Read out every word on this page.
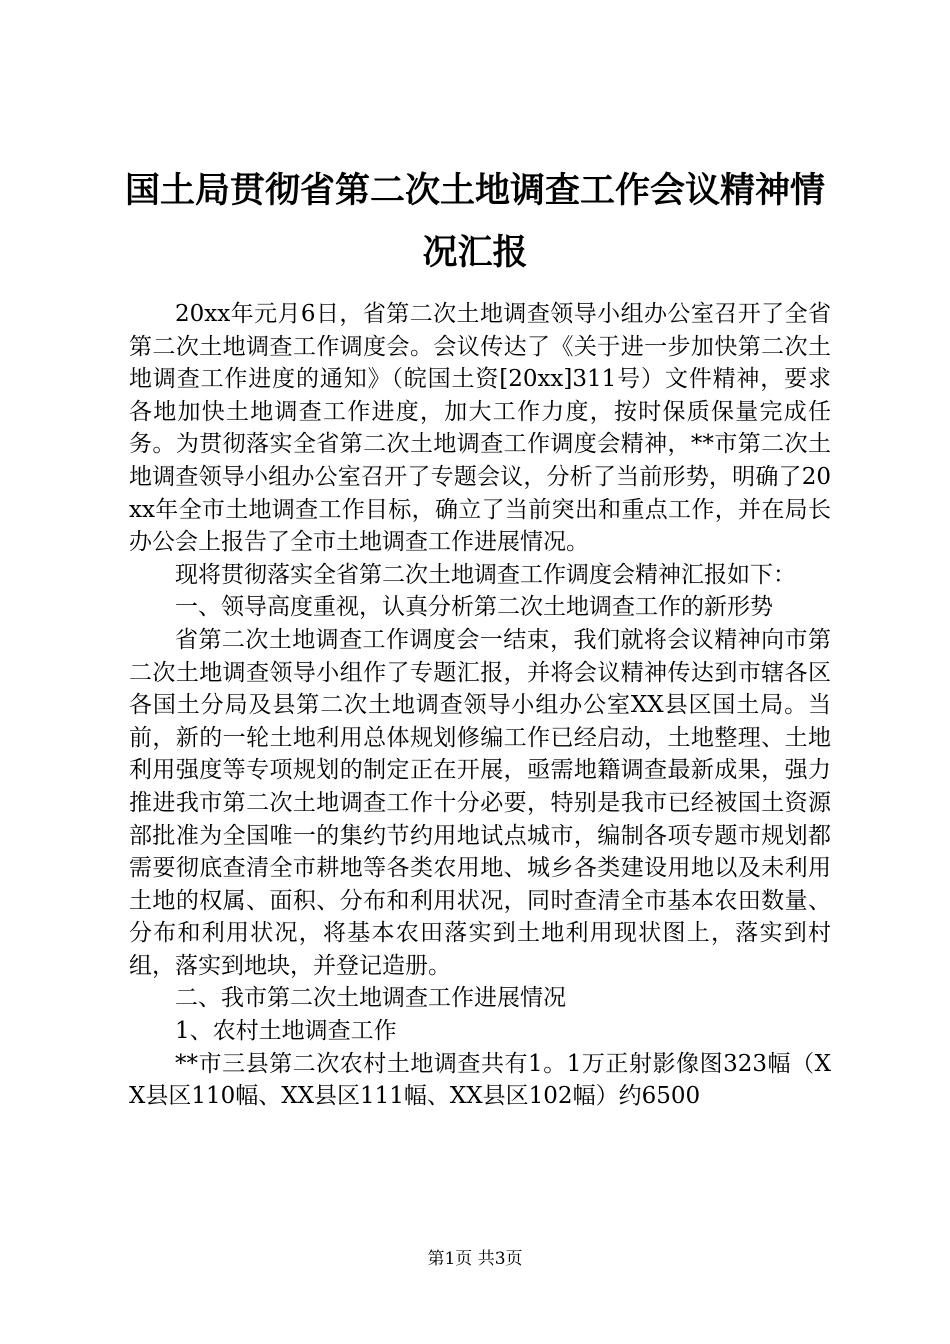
国土局贯彻省第二次土地调查工作会议精神情况汇报

20xx年元月6日，省第二次土地调查领导小组办公室召开了全省第二次土地调查工作调度会。会议传达了《关于进一步加快第二次土地调查工作进度的通知》（皖国土资[20xx]311号）文件精神，要求各地加快土地调查工作进度，加大工作力度，按时保质保量完成任务。为贯彻落实全省第二次土地调查工作调度会精神，**市第二次土地调查领导小组办公室召开了专题会议，分析了当前形势，明确了20xx年全市土地调查工作目标，确立了当前突出和重点工作，并在局长办公会上报告了全市土地调查工作进展情况。

现将贯彻落实全省第二次土地调查工作调度会精神汇报如下：

一、领导高度重视，认真分析第二次土地调查工作的新形势

省第二次土地调查工作调度会一结束，我们就将会议精神向市第二次土地调查领导小组作了专题汇报，并将会议精神传达到市辖各区各国土分局及县第二次土地调查领导小组办公室XX县区国土局。当前，新的一轮土地利用总体规划修编工作已经启动，土地整理、土地利用强度等专项规划的制定正在开展，亟需地籍调查最新成果，强力推进我市第二次土地调查工作十分必要，特别是我市已经被国土资源部批准为全国唯一的集约节约用地试点城市，编制各项专题市规划都需要彻底查清全市耕地等各类农用地、城乡各类建设用地以及未利用土地的权属、面积、分布和利用状况，同时查清全市基本农田数量、分布和利用状况，将基本农田落实到土地利用现状图上，落实到村组，落实到地块，并登记造册。

二、我市第二次土地调查工作进展情况

1、农村土地调查工作

**市三县第二次农村土地调查共有1。1万正射影像图323幅（XX县区110幅、XX县区111幅、XX县区102幅）约6500

第1页 共3页
